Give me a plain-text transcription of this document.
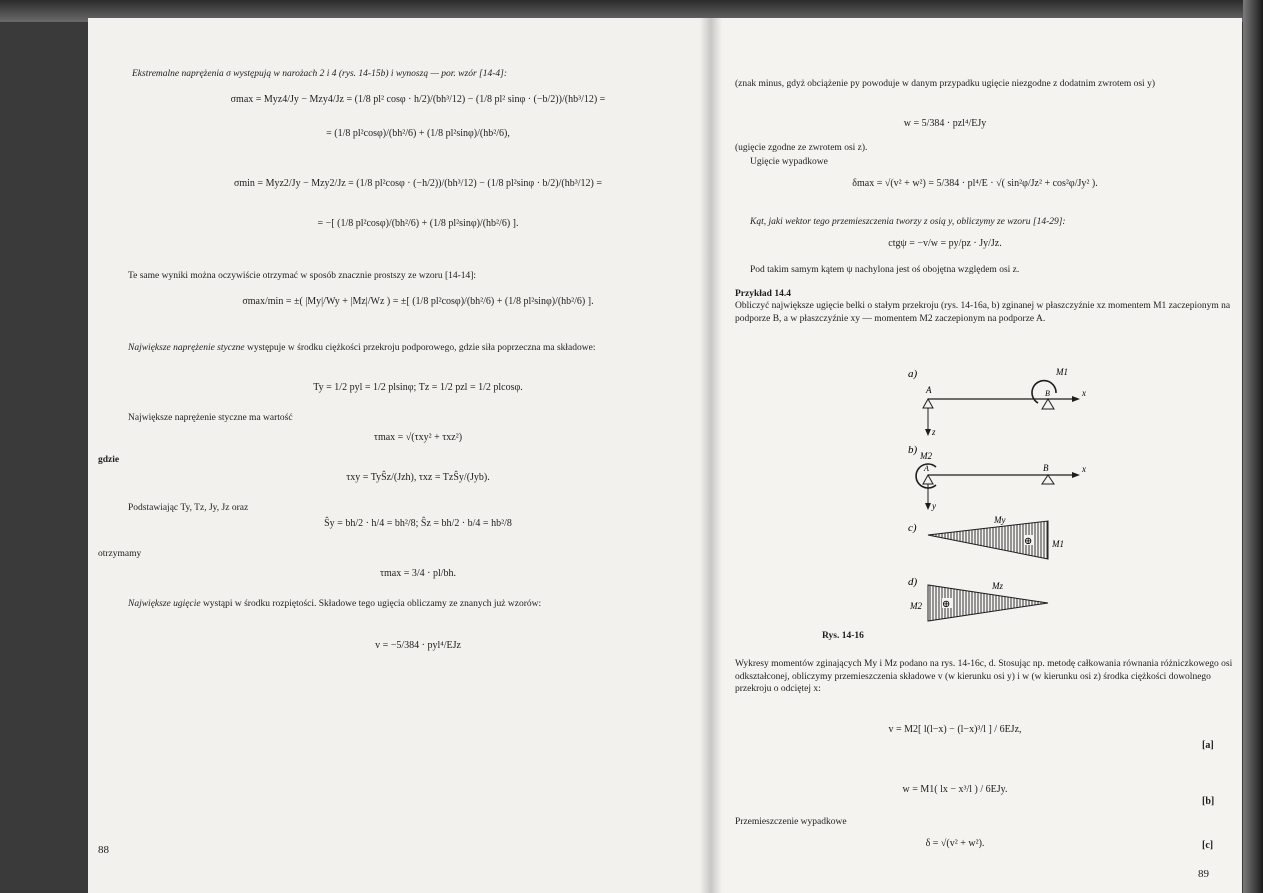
Ekstremalne naprężenia σ występują w narożach 2 i 4 (rys. 14-15b) i wynoszą — por. wzór [14-4]:
σmax = Myz4/Jy − Mzy4/Jz = (1/8 pl² cosφ · h/2)/(bh³/12) − (1/8 pl² sinφ · (−b/2))/(hb³/12) =
= (1/8 pl²cosφ)/(bh²/6) + (1/8 pl²sinφ)/(hb²/6),
σmin = Myz2/Jy − Mzy2/Jz = (1/8 pl²cosφ · (−h/2))/(bh³/12) − (1/8 pl²sinφ · b/2)/(hb³/12) =
= −[ (1/8 pl²cosφ)/(bh²/6) + (1/8 pl²sinφ)/(hb²/6) ].
Te same wyniki można oczywiście otrzymać w sposób znacznie prostszy ze wzoru [14-14]:
σmax/min = ±( |My|/Wy + |Mz|/Wz ) = ±[ (1/8 pl²cosφ)/(bh²/6) + (1/8 pl²sinφ)/(hb²/6) ].
Największe naprężenie styczne występuje w środku ciężkości przekroju podporowego, gdzie siła poprzeczna ma składowe:
Ty = 1/2 pyl = 1/2 plsinφ; Tz = 1/2 pzl = 1/2 plcosφ.
Największe naprężenie styczne ma wartość
τmax = √(τxy² + τxz²)
gdzie
τxy = TyŜz/(Jzh), τxz = TzŜy/(Jyb).
Podstawiając Ty, Tz, Jy, Jz oraz
Ŝy = bh/2 · h/4 = bh²/8; Ŝz = bh/2 · b/4 = hb²/8
otrzymamy
τmax = 3/4 · pl/bh.
Największe ugięcie wystąpi w środku rozpiętości. Składowe tego ugięcia obliczamy ze znanych już wzorów:
v = −5/384 · pyl⁴/EJz
88
(znak minus, gdyż obciążenie py powoduje w danym przypadku ugięcie niezgodne z dodatnim zwrotem osi y)
w = 5/384 · pzl⁴/EJy
(ugięcie zgodne ze zwrotem osi z).
Ugięcie wypadkowe
δmax = √(v² + w²) = 5/384 · pl⁴/E · √( sin²φ/Jz² + cos²φ/Jy² ).
Kąt, jaki wektor tego przemieszczenia tworzy z osią y, obliczymy ze wzoru [14-29]:
ctgψ = −v/w = py/pz · Jy/Jz.
Pod takim samym kątem ψ nachylona jest oś obojętna względem osi z.
Przykład 14.4
Obliczyć największe ugięcie belki o stałym przekroju (rys. 14-16a, b) zginanej w płaszczyźnie xz momentem M1 zaczepionym na podporze B, a w płaszczyźnie xy — momentem M2 zaczepionym na podporze A.
a)
x
A
z
B
M1
b)
x
A
M2
B
y
c)
My
M1
⊕
d)	Mz
M2 ⊕
Rys. 14-16
Wykresy momentów zginających My i Mz podano na rys. 14-16c, d. Stosując np. metodę całkowania równania różniczkowego osi odkształconej, obliczymy przemieszczenia składowe v (w kierunku osi y) i w (w kierunku osi z) środka ciężkości dowolnego przekroju o odciętej x:
v = M2[ l(l−x) − (l−x)³/l ] / 6EJz,
[a]
w = M1( lx − x³/l ) / 6EJy.
[b]
Przemieszczenie wypadkowe
δ = √(v² + w²).	[c]
89
